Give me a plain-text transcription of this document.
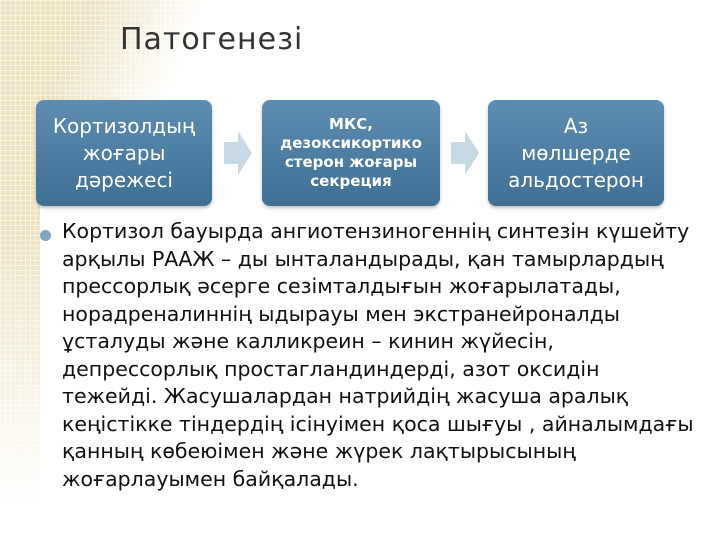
Патогенезі
Кортизолдың
жоғары
дәрежесі
МКС,
дезоксикортико
стерон жоғары
секреция
Аз
мөлшерде
альдостерон
Кортизол бауырда ангиотензиногеннің синтезін күшейту арқылы РААЖ – ды ынталандырады, қан тамырлардың прессорлық әсерге сезімталдығын жоғарылатады, норадреналиннің ыдырауы мен экстранейроналды ұсталуды және калликреин – кинин жүйесін, депрессорлық простагландиндерді, азот оксидін тежейді. Жасушалардан натрийдің жасуша аралық кеңістікке тіндердің ісінуімен қоса шығуы , айналымдағы қанның көбеюімен және жүрек лақтырысының жоғарлауымен байқалады.
